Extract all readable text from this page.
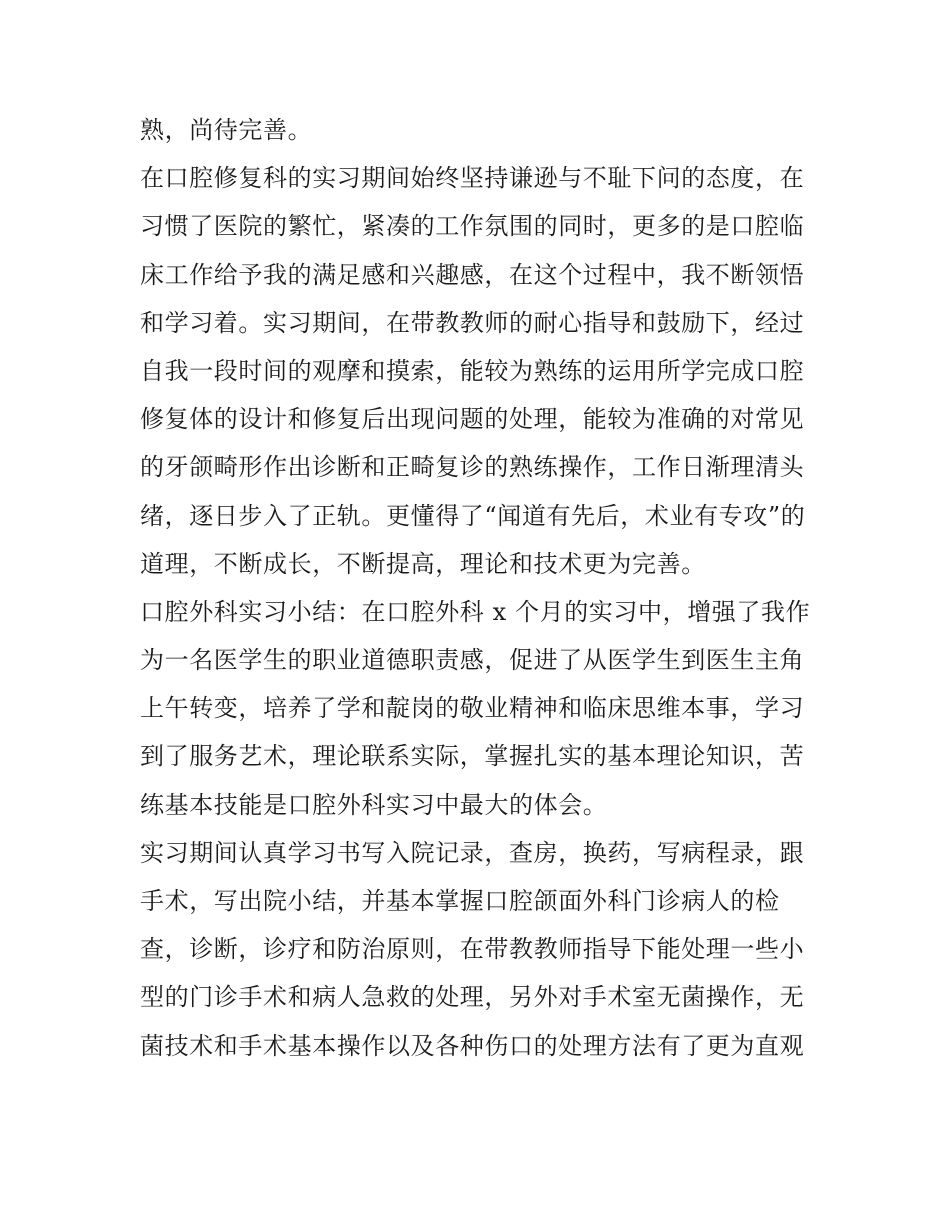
熟，尚待完善。
在口腔修复科的实习期间始终坚持谦逊与不耻下问的态度，在
习惯了医院的繁忙，紧凑的工作氛围的同时，更多的是口腔临
床工作给予我的满足感和兴趣感，在这个过程中，我不断领悟
和学习着。实习期间，在带教教师的耐心指导和鼓励下，经过
自我一段时间的观摩和摸索，能较为熟练的运用所学完成口腔
修复体的设计和修复后出现问题的处理，能较为准确的对常见
的牙颌畸形作出诊断和正畸复诊的熟练操作，工作日渐理清头
绪，逐日步入了正轨。更懂得了“闻道有先后，术业有专攻”的
道理，不断成长，不断提高，理论和技术更为完善。
口腔外科实习小结：在口腔外科 x 个月的实习中，增强了我作
为一名医学生的职业道德职责感，促进了从医学生到医生主角
上午转变，培养了学和靛岗的敬业精神和临床思维本事，学习
到了服务艺术，理论联系实际，掌握扎实的基本理论知识，苦
练基本技能是口腔外科实习中最大的体会。
实习期间认真学习书写入院记录，查房，换药，写病程录，跟
手术，写出院小结，并基本掌握口腔颌面外科门诊病人的检
查，诊断，诊疗和防治原则，在带教教师指导下能处理一些小
型的门诊手术和病人急救的处理，另外对手术室无菌操作，无
菌技术和手术基本操作以及各种伤口的处理方法有了更为直观
